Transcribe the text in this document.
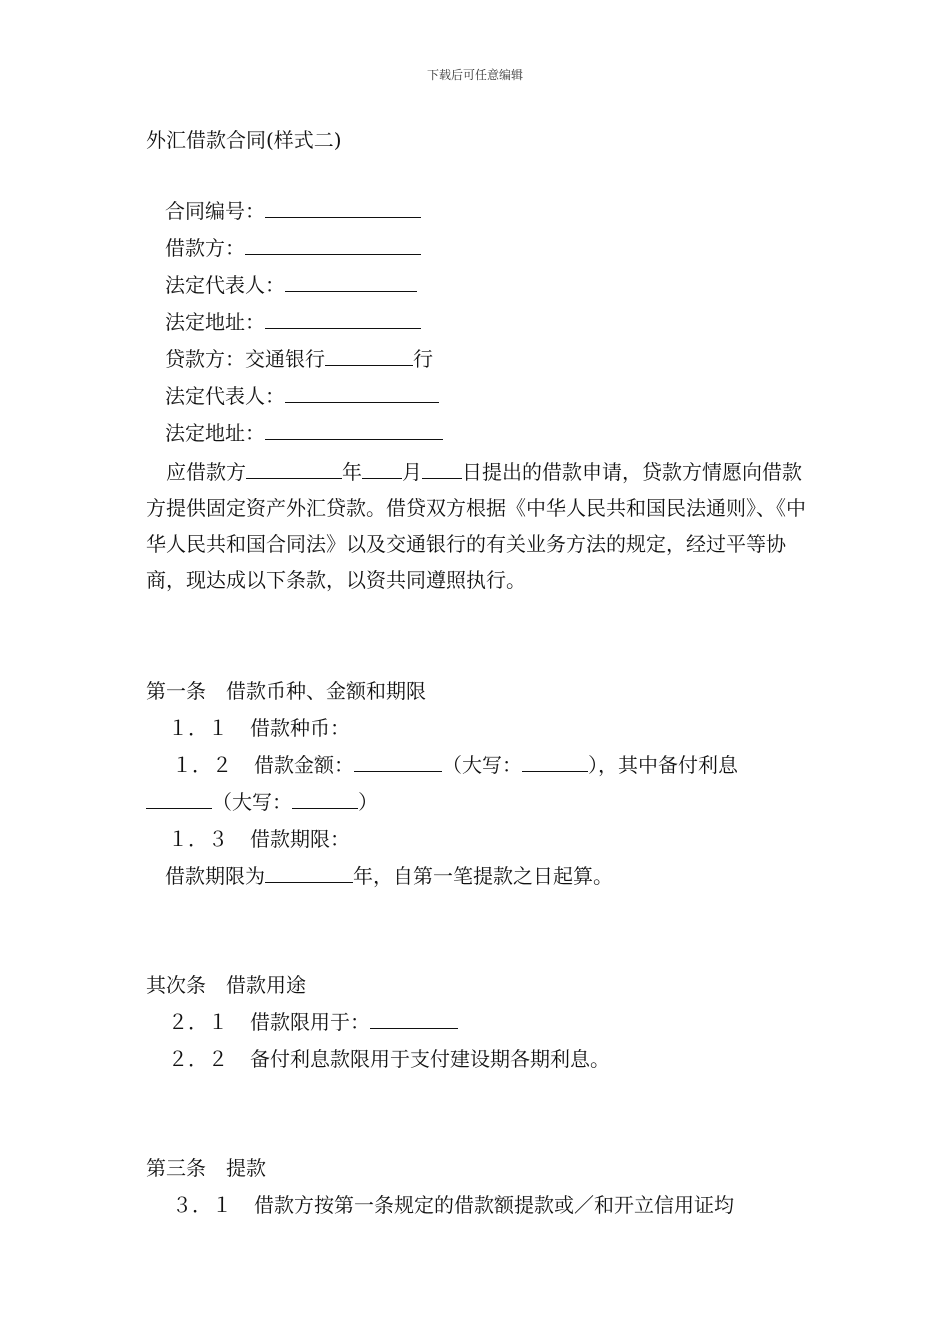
下载后可任意编辑
外汇借款合同(样式二)
合同编号：
借款方：
法定代表人：
法定地址：
贷款方：交通银行	行
法定代表人：
法定地址：
应借款方	年 月 日提出的借款申请，贷款方情愿向借款方提供固定资产外汇贷款。借贷双方根据《中华人民共和国民法通则》、《中华人民共和国合同法》以及交通银行的有关业务方法的规定，经过平等协商，现达成以下条款，以资共同遵照执行。
第一条　借款币种、金额和期限
１．１ 借款种币：
１．２ 借款金额：	（大写：	），其中备付利息
（大写：	）
１．３ 借款期限：
借款期限为	年，自第一笔提款之日起算。
其次条　借款用途
２．１ 借款限用于：
２．２ 备付利息款限用于支付建设期各期利息。
第三条　提款
３．１ 借款方按第一条规定的借款额提款或／和开立信用证均
